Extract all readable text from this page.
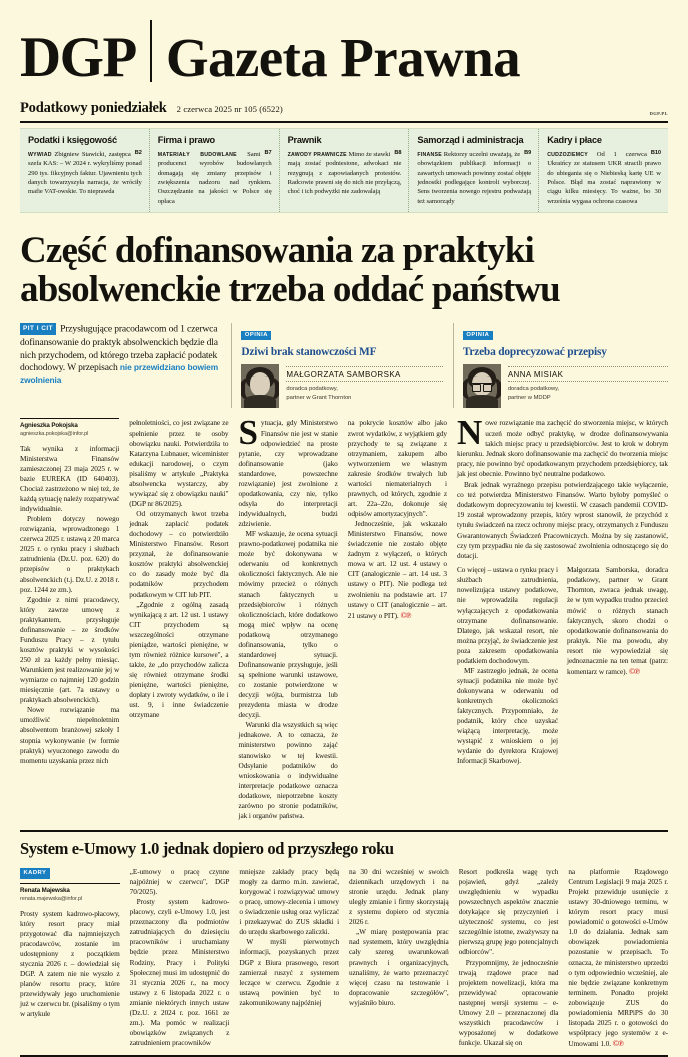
DGP Gazeta Prawna
Podatkowy poniedziałek 2 czerwca 2025 nr 105 (6522)	DGP.PL
Podatki i księgowość

B2
WYWIAD Zbigniew Stawicki, zastępca szefa KAS: – W 2024 r. wykryliśmy ponad 290 tys. fikcyjnych faktur. Ujawnieniu tych danych towarzyszyła narracja, że wróciły mafie VAT-owskie. To nieprawda

Firma i prawo

B7
MATERIAŁY BUDOWLANE Sami producenci wyrobów budowlanych domagają się zmiany przepisów i zwiększenia nadzoru nad rynkiem. Oszczędzanie na jakości w Polsce się opłaca

Prawnik

B8
ZAWODY PRAWNICZE Mimo że stawki mają zostać podniesione, adwokaci nie rezygnują z zapowiadanych protestów. Radcowie prawni się do nich nie przyłączą, choć i ich podwyżki nie zadowalają

Samorząd i administracja

B9
FINANSE Rektorzy uczelni uważają, że obowiązkiem publikacji informacji o zawartych umowach powinny zostać objęte jednostki podlegające kontroli wyborczej. Sens tworzenia nowego rejestru podważają też samorządy

Kadry i płace

B10
CUDZOZIEMCY Od 1 czerwca Ukraińcy ze statusem UKR stracili prawo do ubiegania się o Niebieską kartę UE w Polsce. Błąd ma zostać naprawiony w ciągu kilku miesięcy. To ważne, bo 30 września wygasa ochrona czasowa

Część dofinansowania za praktyki absolwenckie trzeba oddać państwu

PIT I CIT Przysługujące pracodawcom od 1 czerwca dofinansowanie do praktyk absolwenckich będzie dla nich przychodem, od którego trzeba zapłacić podatek dochodowy. W przepisach nie przewidziano bowiem zwolnienia

OPINIA
Dziwi brak stanowczości MF
MAŁGORZATA SAMBORSKA
doradca podatkowy,
partner w Grant Thornton
OPINIA
Trzeba doprecyzować przepisy
ANNA MISIAK
doradca podatkowy,
partner w MDDP
Agnieszka Pokojska
agnieszka.pokojska@infor.pl

Tak wynika z informacji Ministerstwa Finansów zamieszczonej 23 maja 2025 r. w bazie EUREKA (ID 640403). Chociaż zastrzeżono w niej też, że każdą sytuację należy rozpatrywać indywidualnie.

Problem dotyczy nowego rozwiązania, wprowadzonego 1 czerwca 2025 r. ustawą z 20 marca 2025 r. o rynku pracy i służbach zatrudnienia (Dz.U. poz. 620) do przepisów o praktykach absolwenckich (t.j. Dz.U. z 2018 r. poz. 1244 ze zm.).

Zgodnie z nimi pracodawcy, który zawrze umowę z praktykantem, przysługuje dofinansowanie – ze środków Funduszu Pracy – z tytułu kosztów praktyki w wysokości 250 zł za każdy pełny miesiąc. Warunkiem jest realizowanie jej w wymiarze co najmniej 120 godzin miesięcznie (art. 7a ustawy o praktykach absolwenckich).

Nowe rozwiązanie ma umożliwić niepełnoletnim absolwentom branżowej szkoły I stopnia wykonywanie (w formie praktyk) wyuczonego zawodu do momentu uzyskania przez nich

pełnoletniości, co jest związane ze spełnienie przez te osoby obowiązku nauki. Potwierdziła to Katarzyna Lubnauer, wiceminister edukacji narodowej, o czym pisaliśmy w artykule „Praktyka absolwencka wystarczy, aby wywiązać się z obowiązku nauki" (DGP nr 86/2025).

Od otrzymanych kwot trzeba jednak zapłacić podatek dochodowy – co potwierdziło Ministerstwo Finansów. Resort przyznał, że dofinansowanie kosztów praktyki absolwenckiej co do zasady może być dla podatników przychodem podatkowym w CIT lub PIT.

„Zgodnie z ogólną zasadą wynikającą z art. 12 ust. 1 ustawy CIT przychodem są wszczególności otrzymane pieniądze, wartości pieniężne, w tym również różnice kursowe", a także, że „do przychodów zalicza się również otrzymane środki pieniężne, wartości pieniężne, dopłaty i zwroty wydatków, o ile i ust. 9, i inne świadczenie otrzymane

Sytuacja, gdy Ministerstwo Finansów nie jest w stanie odpowiedzieć na proste pytanie, czy wprowadzane dofinansowanie (jako standardowe, powszechne rozwiązanie) jest zwolnione z opodatkowania, czy nie, tylko odsyła do interpretacji indywidualnych, budzi zdziwienie.

MF wskazuje, że ocena sytuacji prawno-podatkowej podatnika nie może być dokonywana w oderwaniu od konkretnych okoliczności faktycznych. Ale nie mówimy przecież o różnych stanach faktycznych u przedsiębiorców i różnych okolicznościach, które dodatkowo mogą mieć wpływ na ocenę podatkową otrzymanego dofinansowania, tylko o standardowej sytuacji. Dofinansowanie przysługuje, jeśli są spełnione warunki ustawowe, co zostanie potwierdzone w decyzji wójta, burmistrza lub prezydenta miasta w drodze decyzji.

Warunki dla wszystkich są więc jednakowe. A to oznacza, że ministerstwo powinno zająć stanowisko w tej kwestii. Odsyłanie podatników do wnioskowania o indywidualne interpretacje podatkowe oznacza dodatkowe, niepotrzebne koszty zarówno po stronie podatników, jak i organów państwa.

na pokrycie kosztów albo jako zwrot wydatków, z wyjątkiem gdy przychody te są związane z otrzymaniem, zakupem albo wytworzeniem we własnym zakresie środków trwałych lub wartości niematerialnych i prawnych, od których, zgodnie z art. 22a–22o, dokonuje się odpisów amortyzacyjnych".

Jednocześnie, jak wskazało Ministerstwo Finansów, nowe świadczenie nie zostało objęte żadnym z wyłączeń, o których mowa w art. 12 ust. 4 ustawy o CIT (analogicznie – art. 14 ust. 3 ustawy o PIT). Nie podlega też zwolnieniu na podstawie art. 17 ustawy o CIT (analogicznie – art. 21 ustawy o PIT). ©℗

Nowe rozwiązanie ma zachęcić do stworzenia miejsc, w których uczeń może odbyć praktykę, w drodze dofinansowywania takich miejsc pracy u przedsiębiorców. Jest to krok w dobrym kierunku. Jednak skoro dofinansowanie ma zachęcić do tworzenia miejsc pracy, nie powinno być opodatkowanym przychodem przedsiębiorcy, tak jak jest obecnie. Powinno być neutralne podatkowo.

Brak jednak wyraźnego przepisu potwierdzającego takie wyłączenie, co też potwierdza Ministerstwo Finansów. Warto byłoby pomyśleć o dodatkowym doprecyzowaniu tej kwestii. W czasach pandemii COVID-19 został wprowadzony przepis, który wprost stanowił, że przychód z tytułu świadczeń na rzecz ochrony miejsc pracy, otrzymanych z Funduszu Gwarantowanych Świadczeń Pracowniczych. Można by się zastanowić, czy tym przypadku nie da się zastosować zwolnienia odnoszącego się do dotacji.

Co więcej – ustawa o rynku pracy i służbach zatrudnienia, nowelizująca ustawy podatkowe, nie wprowadziła regulacji wyłączających z opodatkowania otrzymane dofinansowanie. Dlatego, jak wskazał resort, nie można przyjąć, że świadczenie jest poza zakresem opodatkowania podatkiem dochodowym.

MF zastrzegło jednak, że ocena sytuacji podatnika nie może być dokonywana w oderwaniu od konkretnych okoliczności faktycznych. Przypomniało, że podatnik, który chce uzyskać wiążącą interpretację, może wystąpić z wnioskiem o jej wydanie do dyrektora Krajowej Informacji Skarbowej.

Małgorzata Samborska, doradca podatkowy, partner w Grant Thornton, zwraca jednak uwagę, że w tym wypadku trudno przecież mówić o różnych stanach faktycznych, skoro chodzi o opodatkowanie dofinansowania do praktyk. Nie ma powodu, aby resort nie wypowiedział się jednoznacznie na ten temat (patrz: komentarz w ramce). ©℗

System e-Umowy 1.0 jednak dopiero od przyszłego roku
KADRY
Renata Majewska
renata.majewska@infor.pl

Prosty system kadrowo-płacowy, który resort pracy miał przygotować dla najmniejszych pracodawców, zostanie im udostępniony z początkiem stycznia 2026 r. – dowiedział się DGP. A zatem nie nie wyszło z planów resortu pracy, które przewidywały jego uruchomienie już w czerwcu br. (pisaliśmy o tym w artykule

„E-umowy o pracę czynne najpóźniej w czerwcu", DGP 70/2025).

Prosty system kadrowo-płacowy, czyli e-Umowy 1.0, jest przeznaczony dla podmiotów zatrudniających do dziesięciu pracowników i uruchamiany będzie przez Ministerstwo Rodziny, Pracy i Polityki Społecznej musi im udostępnić do 31 stycznia 2026 r., na mocy ustawy z 6 listopada 2022 r. o zmianie niektórych innych ustaw (Dz.U. z 2024 r. poz. 1661 ze zm.). Ma pomóc w realizacji obowiązków związanych z zatrudnieniem pracowników

mniejsze zakłady pracy będą mogły za darmo m.in. zawierać, korygować i rozwiązywać umowy o pracę, umowy-zlecenia i umowy o świadczenie usług oraz wyliczać i przekazywać do ZUS składki i do urzędu skarbowego zaliczki.

W myśli pierwotnych informacji, pozyskanych przez DGP z Biura prasowego, resort zamierzał ruszyć z systemem leczące w czerwcu. Zgodnie z ustawą powinien być to zakomunikowany najpóźniej

na 30 dni wcześniej w swoich dziennikach urzędowych i na stronie urzędu. Jednak plany uległy zmianie i firmy skorzystają z systemu dopiero od stycznia 2026 r.

„W miarę postępowania prac nad systemem, który uwzględnia cały szereg uwarunkowań prawnych i organizacyjnych, uznaliśmy, że warto przeznaczyć więcej czasu na testowanie i dopracowanie szczegółów", wyjaśniło biuro.

Resort podkreśla wagę tych pojawień, gdyż „zależy uwzględnieniu w wypadku powszechnych aspektów znacznie dotykające się przyczynień i użyteczność systemu, co jest szczególnie istotne, zważywszy na pierwszą grupę jego potencjalnych odbiorców".

Przypomnijmy, że jednocześnie trwają rządowe prace nad projektem nowelizacji, która ma przewidywać opracowanie następnej wersji systemu – e-Umowy 2.0 – przeznaczonej dla wszystkich pracodawców i wyposażonej w dodatkowe funkcje. Ukazał się on

na platformie Rządowego Centrum Legislacji 9 maja 2025 r. Projekt przewiduje usunięcie z ustawy 30-dniowego terminu, w którym resort pracy musi powiadomić o gotowości e-Umów 1.0 do działania. Jednak sam obowiązek powiadomienia pozostanie w przepisach. To oznacza, że ministerstwo uprzedzi o tym odpowiednio wcześniej, ale nie będzie związane konkretnym terminem. Ponadto projekt zobowiązuje ZUS do powiadomienia MRPiPS do 30 listopada 2025 r. o gotowości do współpracy jego systemów z e-Umowami 1.0. ©℗
